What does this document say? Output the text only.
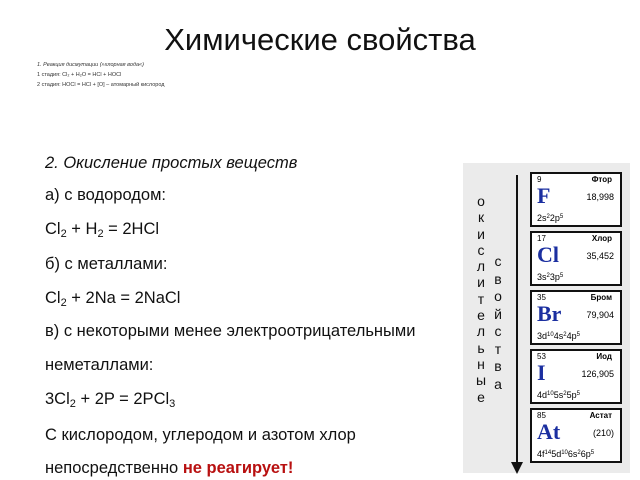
Химические свойства
1. Реакция дисмутации (»хлорная вода«)
1 стадия: Cl₂ + H₂O = HCl + HOCl
2 стадия: HOCl = HCl + [O] – атомарный кислород
2. Окисление простых веществ
а) с водородом:
$Cl_2 + H_2 = 2HCl$
б) с металлами:
$Cl_2 + 2Na$ = 2NaCl
в) с некоторыми менее электроотрицательными
неметаллами:
$3Cl_2 + 2P = 2PCl_3$
С кислородом, углеродом и азотом хлор
непосредственно не реагирует!
о
к
и
с
л
и
т
е
л
ь
н
ы
е
с
в
о
й
с
т
в
а
9	Фтор
F	18,998
$2s^22p^5$
17	Хлор
Cl	35,452
$3s^23p^5$
35	Бром
Br	79,904
$3d^{10}4s^24p^5$
53	Иод
I	126,905
$4d^{10}5s^25p^5$
85	Астат
At	(210)
$4f^{14}5d^{10}6s^26p^5$
